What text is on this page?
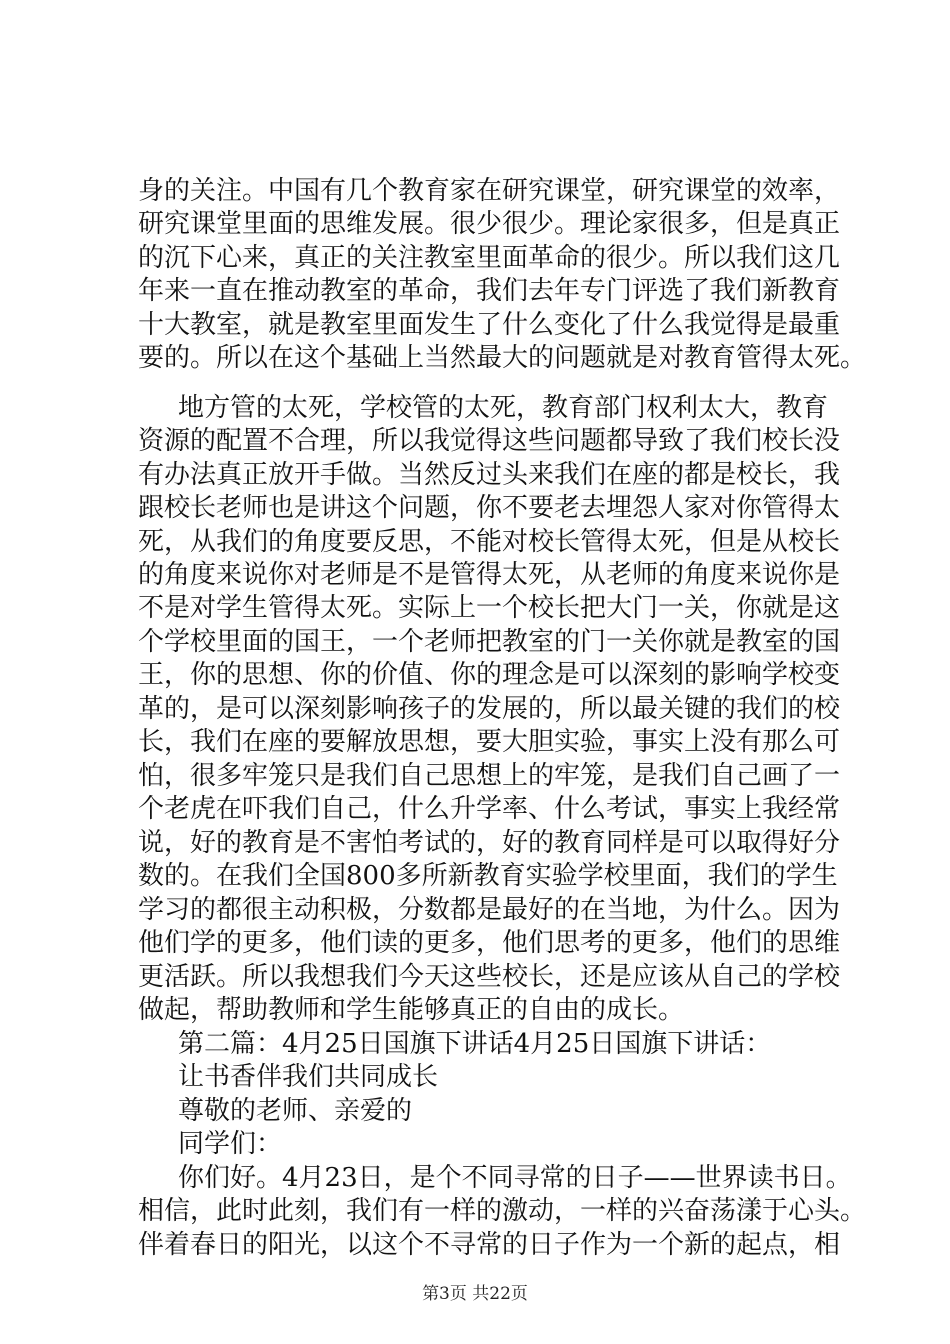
身的关注。中国有几个教育家在研究课堂，研究课堂的效率，
研究课堂里面的思维发展。很少很少。理论家很多，但是真正
的沉下心来，真正的关注教室里面革命的很少。所以我们这几
年来一直在推动教室的革命，我们去年专门评选了我们新教育
十大教室，就是教室里面发生了什么变化了什么我觉得是最重
要的。所以在这个基础上当然最大的问题就是对教育管得太死。
地方管的太死，学校管的太死，教育部门权利太大，教育
资源的配置不合理，所以我觉得这些问题都导致了我们校长没
有办法真正放开手做。当然反过头来我们在座的都是校长，我
跟校长老师也是讲这个问题，你不要老去埋怨人家对你管得太
死，从我们的角度要反思，不能对校长管得太死，但是从校长
的角度来说你对老师是不是管得太死，从老师的角度来说你是
不是对学生管得太死。实际上一个校长把大门一关，你就是这
个学校里面的国王，一个老师把教室的门一关你就是教室的国
王，你的思想、你的价值、你的理念是可以深刻的影响学校变
革的，是可以深刻影响孩子的发展的，所以最关键的我们的校
长，我们在座的要解放思想，要大胆实验，事实上没有那么可
怕，很多牢笼只是我们自己思想上的牢笼，是我们自己画了一
个老虎在吓我们自己，什么升学率、什么考试，事实上我经常
说，好的教育是不害怕考试的，好的教育同样是可以取得好分
数的。在我们全国800多所新教育实验学校里面，我们的学生
学习的都很主动积极，分数都是最好的在当地，为什么。因为
他们学的更多，他们读的更多，他们思考的更多，他们的思维
更活跃。所以我想我们今天这些校长，还是应该从自己的学校
做起，帮助教师和学生能够真正的自由的成长。
第二篇：4月25日国旗下讲话4月25日国旗下讲话：
让书香伴我们共同成长
尊敬的老师、亲爱的
同学们：
你们好。4月23日，是个不同寻常的日子——世界读书日。
相信，此时此刻，我们有一样的激动，一样的兴奋荡漾于心头。
伴着春日的阳光，以这个不寻常的日子作为一个新的起点，相
第3页 共22页
